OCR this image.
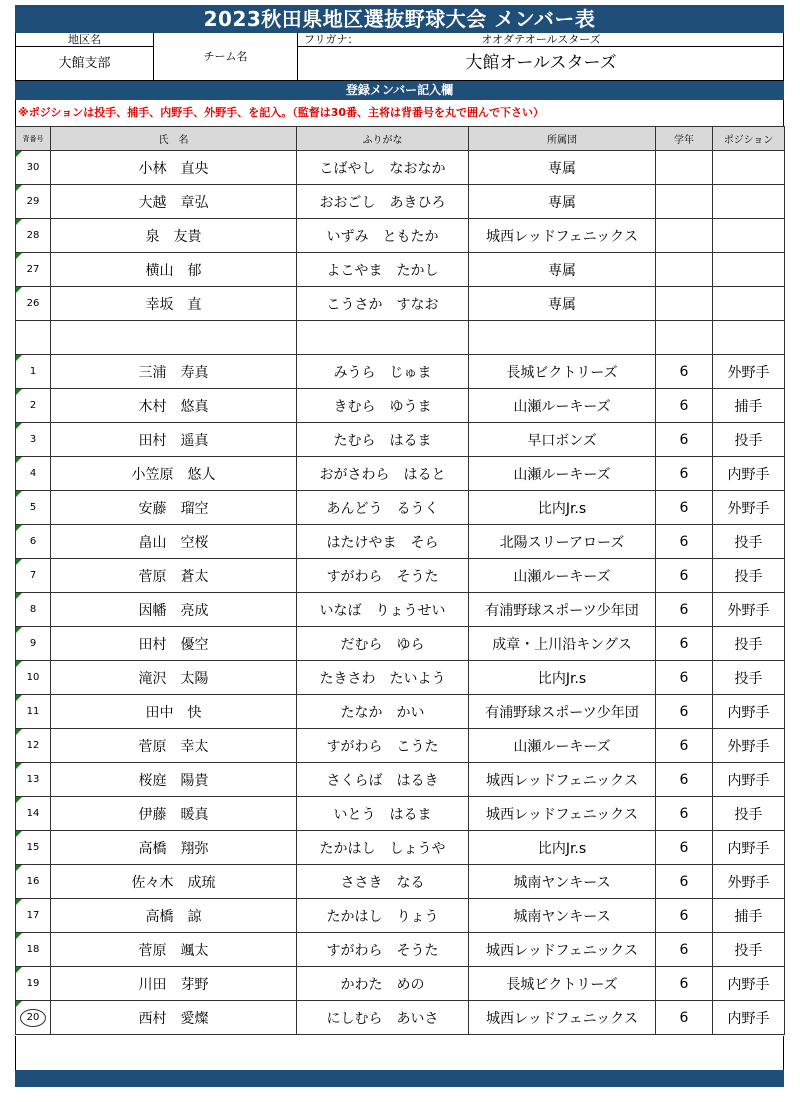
2023秋田県地区選抜野球大会 メンバー表
地区名
大館支部	チーム名
フリガナ：	オオダテオールスターズ
大館オールスターズ
登録メンバー記入欄
※ポジションは投手、捕手、内野手、外野手、を記入。（監督は30番、主将は背番号を丸で囲んで下さい）
背番号	氏　名	ふりがな	所属団	学年	ポジション

30	小林　直央	こばやし　なおなか	専属		

29	大越　章弘	おおごし　あきひろ	専属		

28	泉　友貴	いずみ　ともたか	城西レッドフェニックス		

27	横山　郁	よこやま　たかし	専属		

26	幸坂　直	こうさか　すなお	専属		

1	三浦　寿真	みうら　じゅま	長城ビクトリーズ	6	外野手

2	木村　悠真	きむら　ゆうま	山瀬ルーキーズ	6	捕手

3	田村　遥真	たむら　はるま	早口ボンズ	6	投手

4	小笠原　悠人	おがさわら　はると	山瀬ルーキーズ	6	内野手

5	安藤　瑠空	あんどう　るうく	比内Jr.s	6	外野手

6	畠山　空桜	はたけやま　そら	北陽スリーアローズ	6	投手

7	菅原　蒼太	すがわら　そうた	山瀬ルーキーズ	6	投手

8	因幡　亮成	いなば　りょうせい	有浦野球スポーツ少年団	6	外野手

9	田村　優空	だむら　ゆら	成章・上川沿キングス	6	投手

10	滝沢　太陽	たきさわ　たいよう	比内Jr.s	6	投手

11	田中　快	たなか　かい	有浦野球スポーツ少年団	6	内野手

12	菅原　幸太	すがわら　こうた	山瀬ルーキーズ	6	外野手

13	桜庭　陽貴	さくらば　はるき	城西レッドフェニックス	6	内野手

14	伊藤　暖真	いとう　はるま	城西レッドフェニックス	6	投手

15	高橋　翔弥	たかはし　しょうや	比内Jr.s	6	内野手

16	佐々木　成琉	ささき　なる	城南ヤンキース	6	外野手

17	高橋　諒	たかはし　りょう	城南ヤンキース	6	捕手

18	菅原　颯太	すがわら　そうた	城西レッドフェニックス	6	投手

19	川田　芽野	かわた　めの	長城ビクトリーズ	6	内野手

20	西村　愛燦	にしむら　あいさ	城西レッドフェニックス	6	内野手
